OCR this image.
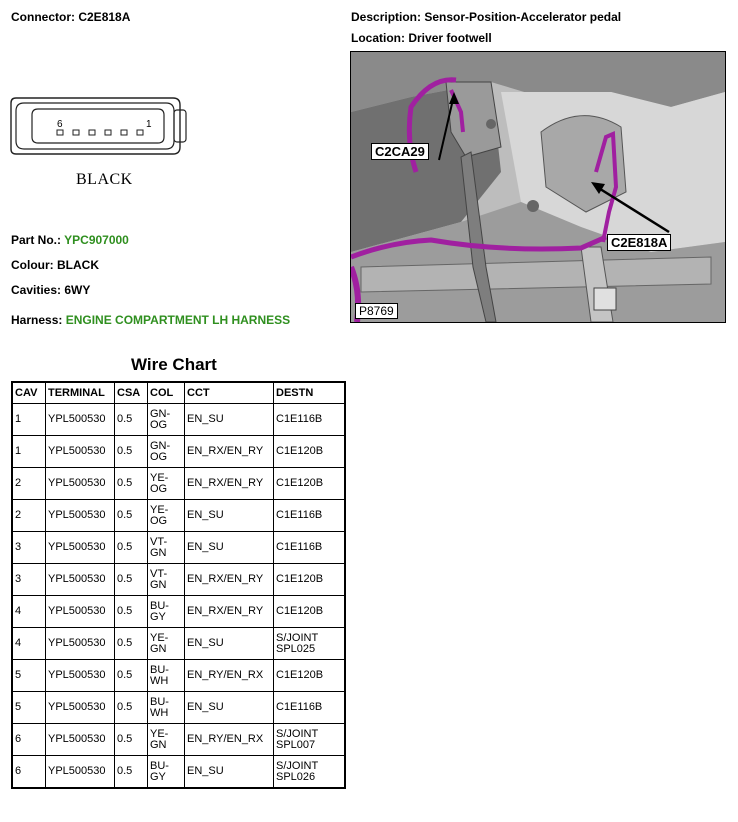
Connector: C2E818A	Description: Sensor-Position-Accelerator pedal
Location: Driver footwell
6	1
BLACK
Part No.: YPC907000
Colour: BLACK
Cavities: 6WY
Harness: ENGINE COMPARTMENT LH HARNESS
C2CA29
C2E818A
P8769
Wire Chart
CAV	TERMINAL	CSA	COL	CCT	DESTN
1	YPL500530	0.5	GN-OG	EN_SU	C1E116B
1	YPL500530	0.5	GN-OG	EN_RX/EN_RY	C1E120B
2	YPL500530	0.5	YE-OG	EN_RX/EN_RY	C1E120B
2	YPL500530	0.5	YE-OG	EN_SU	C1E116B
3	YPL500530	0.5	VT-GN	EN_SU	C1E116B
3	YPL500530	0.5	VT-GN	EN_RX/EN_RY	C1E120B
4	YPL500530	0.5	BU-GY	EN_RX/EN_RY	C1E120B
4	YPL500530	0.5	YE-GN	EN_SU	S/JOINT SPL025
5	YPL500530	0.5	BU-WH	EN_RY/EN_RX	C1E120B
5	YPL500530	0.5	BU-WH	EN_SU	C1E116B
6	YPL500530	0.5	YE-GN	EN_RY/EN_RX	S/JOINT SPL007
6	YPL500530	0.5	BU-GY	EN_SU	S/JOINT SPL026
